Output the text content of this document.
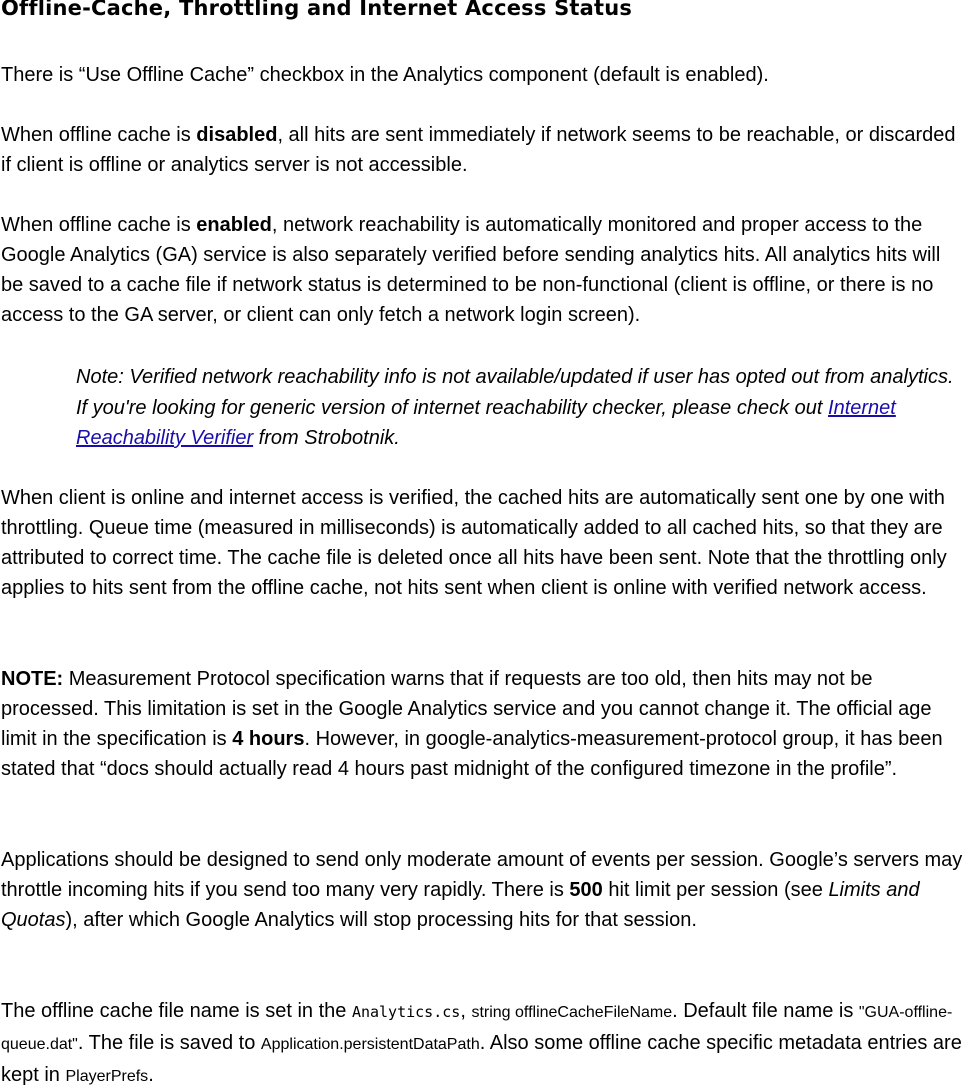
Offline-Cache, Throttling and Internet Access Status

There is “Use Offline Cache” checkbox in the Analytics component (default is enabled).

When offline cache is disabled, all hits are sent immediately if network seems to be reachable, or discarded if client is offline or analytics server is not accessible.

When offline cache is enabled, network reachability is automatically monitored and proper access to the Google Analytics (GA) service is also separately verified before sending analytics hits. All analytics hits will be saved to a cache file if network status is determined to be non-functional (client is offline, or there is no access to the GA server, or client can only fetch a network login screen).

Note: Verified network reachability info is not available/updated if user has opted out from analytics. If you're looking for generic version of internet reachability checker, please check out Internet Reachability Verifier from Strobotnik.

When client is online and internet access is verified, the cached hits are automatically sent one by one with throttling. Queue time (measured in milliseconds) is automatically added to all cached hits, so that they are attributed to correct time. The cache file is deleted once all hits have been sent. Note that the throttling only applies to hits sent from the offline cache, not hits sent when client is online with verified network access.

NOTE: Measurement Protocol specification warns that if requests are too old, then hits may not be processed. This limitation is set in the Google Analytics service and you cannot change it. The official age limit in the specification is 4 hours. However, in google-analytics-measurement-protocol group, it has been stated that “docs should actually read 4 hours past midnight of the configured timezone in the profile”.

Applications should be designed to send only moderate amount of events per session. Google’s servers may throttle incoming hits if you send too many very rapidly. There is 500 hit limit per session (see Limits and Quotas), after which Google Analytics will stop processing hits for that session.

The offline cache file name is set in the Analytics.cs, string offlineCacheFileName. Default file name is "GUA-offline-queue.dat". The file is saved to Application.persistentDataPath. Also some offline cache specific metadata entries are kept in PlayerPrefs.
